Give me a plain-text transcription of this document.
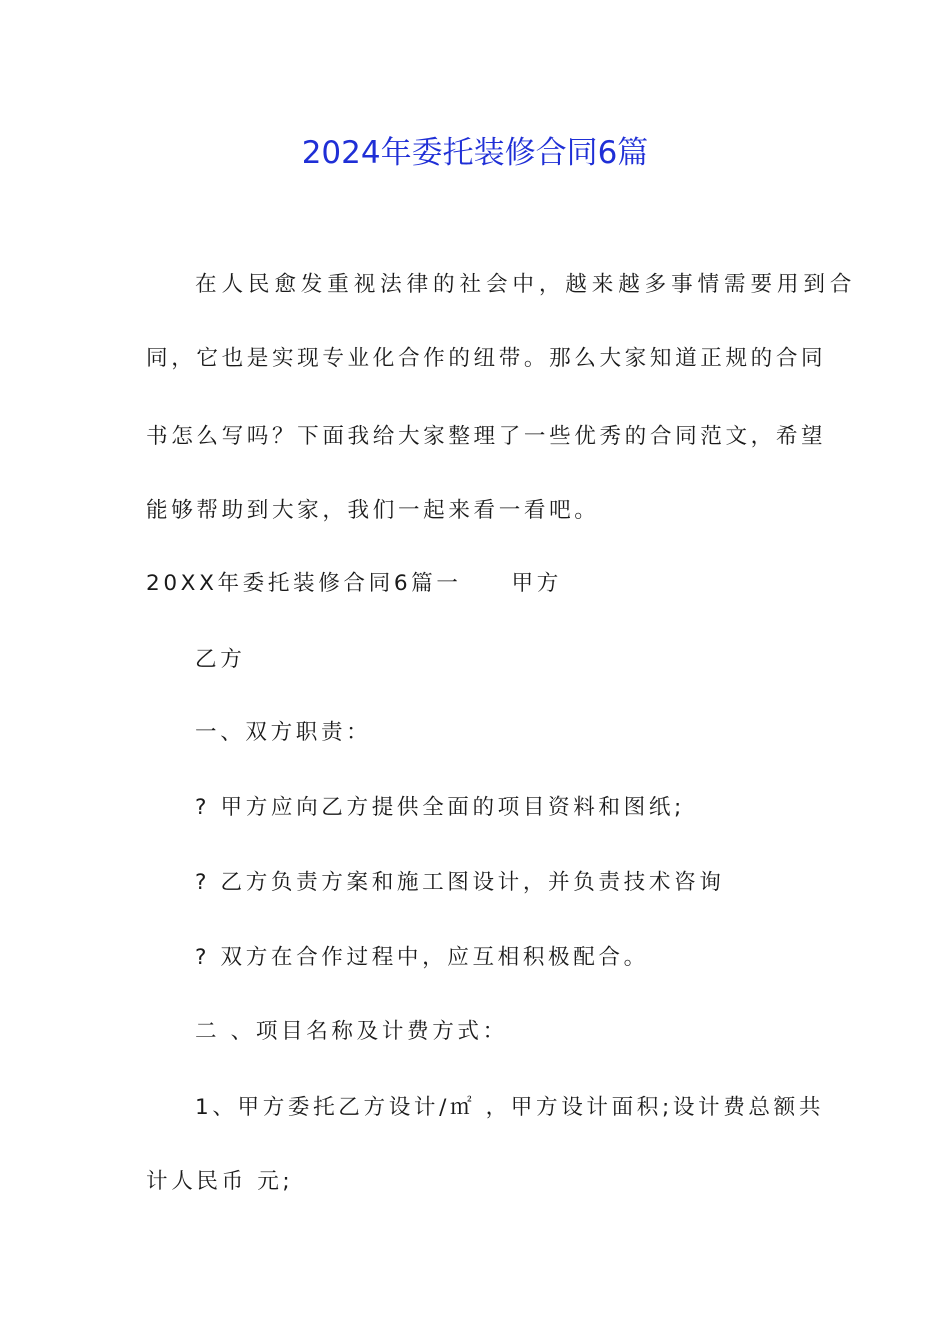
2024年委托装修合同6篇

在人民愈发重视法律的社会中，越来越多事情需要用到合

同，它也是实现专业化合作的纽带。那么大家知道正规的合同

书怎么写吗？下面我给大家整理了一些优秀的合同范文，希望

能够帮助到大家，我们一起来看一看吧。

20XX年委托装修合同6篇一 甲方

乙方

一、双方职责：

? 甲方应向乙方提供全面的项目资料和图纸;

? 乙方负责方案和施工图设计，并负责技术咨询

? 双方在合作过程中，应互相积极配合。

二 、项目名称及计费方式：

1、甲方委托乙方设计/㎡ ，甲方设计面积;设计费总额共

计人民币 元;
